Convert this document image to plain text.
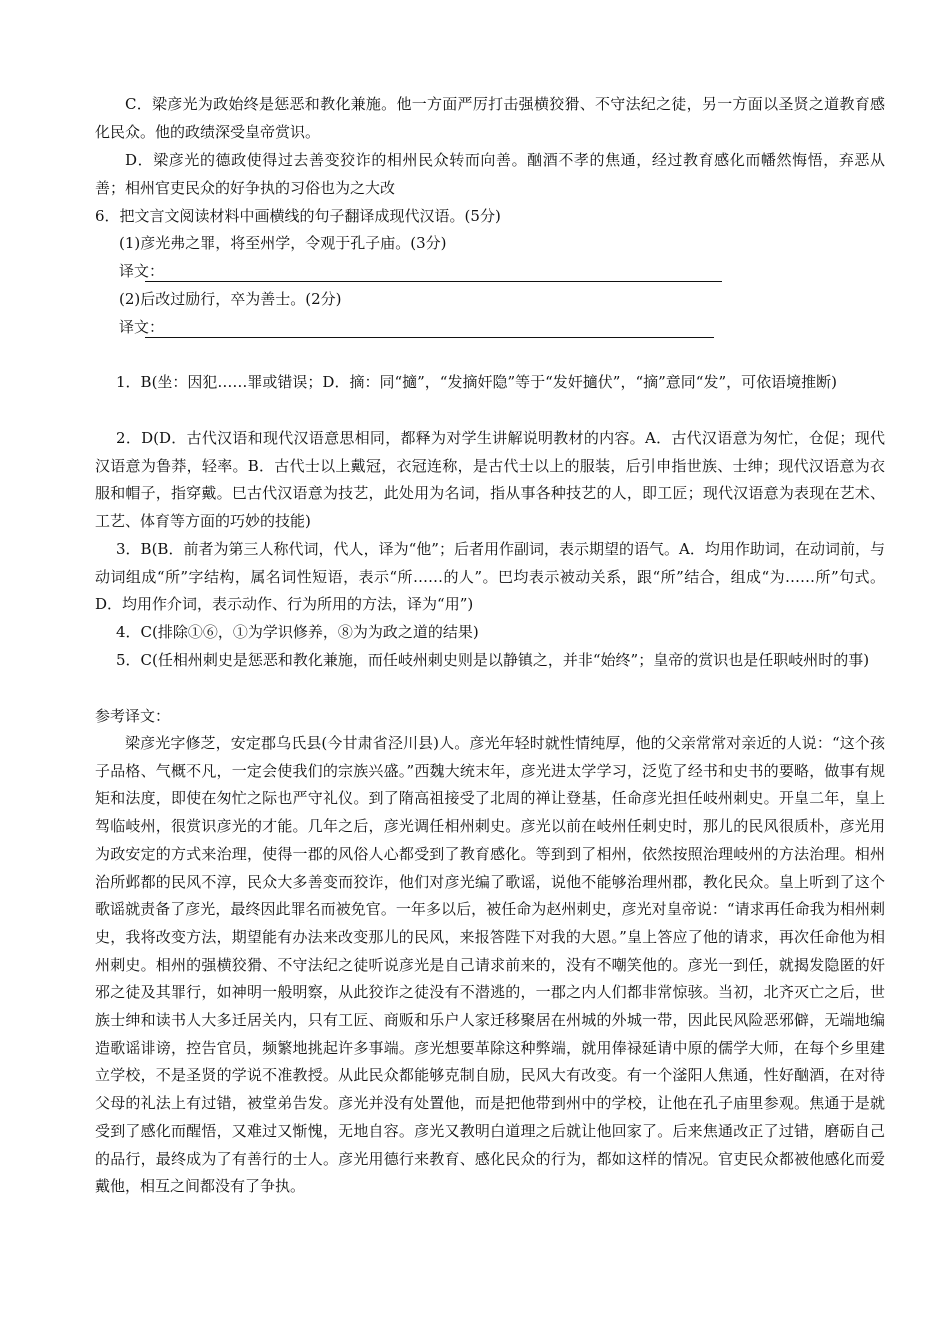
C．梁彦光为政始终是惩恶和教化兼施。他一方面严厉打击强横狡猾、不守法纪之徒，另一方面以圣贤之道教育感化民众。他的政绩深受皇帝赏识。

D．梁彦光的德政使得过去善变狡诈的相州民众转而向善。酗酒不孝的焦通，经过教育感化而幡然悔悟，弃恶从善；相州官吏民众的好争执的习俗也为之大改

6．把文言文阅读材料中画横线的句子翻译成现代汉语。(5分)

(1)彦光弗之罪，将至州学，令观于孔子庙。(3分)

译文：

(2)后改过励行，卒为善士。(2分)

译文：

1．B(坐：因犯……罪或错误；D．摘：同“擿”，“发摘奸隐”等于“发奸擿伏”，“摘”意同“发”，可依语境推断)

2．D(D．古代汉语和现代汉语意思相同，都释为对学生讲解说明教材的内容。A．古代汉语意为匆忙，仓促；现代汉语意为鲁莽，轻率。B．古代士以上戴冠，衣冠连称，是古代士以上的服装，后引申指世族、士绅；现代汉语意为衣服和帽子，指穿戴。巳古代汉语意为技艺，此处用为名词，指从事各种技艺的人，即工匠；现代汉语意为表现在艺术、工艺、体育等方面的巧妙的技能)

3．B(B．前者为第三人称代词，代人，译为“他”；后者用作副词，表示期望的语气。A．均用作助词，在动词前，与动词组成“所”字结构，属名词性短语，表示“所……的人”。巴均表示被动关系，跟“所”结合，组成“为……所”句式。D．均用作介词，表示动作、行为所用的方法，译为“用”)

4．C(排除①⑥，①为学识修养，⑧为为政之道的结果)

5．C(任相州刺史是惩恶和教化兼施，而任岐州刺史则是以静镇之，并非“始终”；皇帝的赏识也是任职岐州时的事)

参考译文：

梁彦光字修芝，安定郡乌氏县(今甘肃省泾川县)人。彦光年轻时就性情纯厚，他的父亲常常对亲近的人说：“这个孩子品格、气概不凡，一定会使我们的宗族兴盛。”西魏大统末年，彦光进太学学习，泛览了经书和史书的要略，做事有规矩和法度，即使在匆忙之际也严守礼仪。到了隋高祖接受了北周的禅让登基，任命彦光担任岐州刺史。开皇二年，皇上驾临岐州，很赏识彦光的才能。几年之后，彦光调任相州刺史。彦光以前在岐州任刺史时，那儿的民风很质朴，彦光用为政安定的方式来治理，使得一郡的风俗人心都受到了教育感化。等到到了相州，依然按照治理岐州的方法治理。相州治所邺都的民风不淳，民众大多善变而狡诈，他们对彦光编了歌谣，说他不能够治理州郡，教化民众。皇上听到了这个歌谣就责备了彦光，最终因此罪名而被免官。一年多以后，被任命为赵州刺史，彦光对皇帝说：“请求再任命我为相州刺史，我将改变方法，期望能有办法来改变那儿的民风，来报答陛下对我的大恩。”皇上答应了他的请求，再次任命他为相州刺史。相州的强横狡猾、不守法纪之徒听说彦光是自己请求前来的，没有不嘲笑他的。彦光一到任，就揭发隐匿的奸邪之徒及其罪行，如神明一般明察，从此狡诈之徒没有不潜逃的，一郡之内人们都非常惊骇。当初，北齐灭亡之后，世族士绅和读书人大多迁居关内，只有工匠、商贩和乐户人家迁移聚居在州城的外城一带，因此民风险恶邪僻，无端地编造歌谣诽谤，控告官员，频繁地挑起许多事端。彦光想要革除这种弊端，就用俸禄延请中原的儒学大师，在每个乡里建立学校，不是圣贤的学说不准教授。从此民众都能够克制自励，民风大有改变。有一个滏阳人焦通，性好酗酒，在对待父母的礼法上有过错，被堂弟告发。彦光并没有处置他，而是把他带到州中的学校，让他在孔子庙里参观。焦通于是就受到了感化而醒悟，又难过又惭愧，无地自容。彦光又教明白道理之后就让他回家了。后来焦通改正了过错，磨砺自己的品行，最终成为了有善行的士人。彦光用德行来教育、感化民众的行为，都如这样的情况。官吏民众都被他感化而爱戴他，相互之间都没有了争执。
